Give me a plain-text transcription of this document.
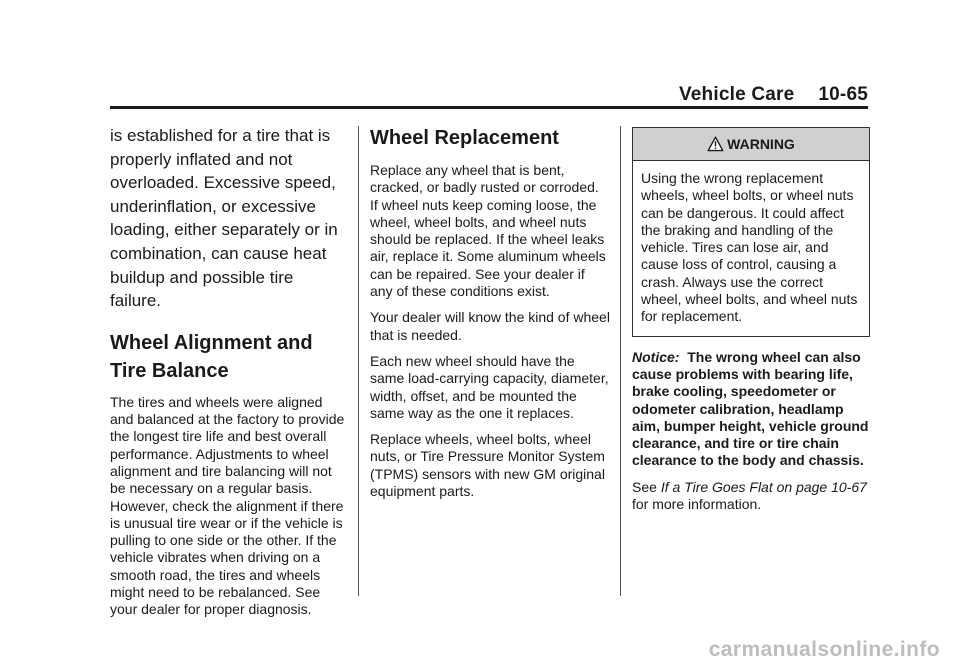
Vehicle Care 10-65

is established for a tire that is properly inflated and not overloaded. Excessive speed, underinflation, or excessive loading, either separately or in combination, can cause heat buildup and possible tire failure.

Wheel Alignment and Tire Balance

The tires and wheels were aligned and balanced at the factory to provide the longest tire life and best overall performance. Adjustments to wheel alignment and tire balancing will not be necessary on a regular basis. However, check the alignment if there is unusual tire wear or if the vehicle is pulling to one side or the other. If the vehicle vibrates when driving on a smooth road, the tires and wheels might need to be rebalanced. See your dealer for proper diagnosis.

Wheel Replacement

Replace any wheel that is bent, cracked, or badly rusted or corroded. If wheel nuts keep coming loose, the wheel, wheel bolts, and wheel nuts should be replaced. If the wheel leaks air, replace it. Some aluminum wheels can be repaired. See your dealer if any of these conditions exist.

Your dealer will know the kind of wheel that is needed.

Each new wheel should have the same load-carrying capacity, diameter, width, offset, and be mounted the same way as the one it replaces.

Replace wheels, wheel bolts, wheel nuts, or Tire Pressure Monitor System (TPMS) sensors with new GM original equipment parts.

WARNING
Using the wrong replacement wheels, wheel bolts, or wheel nuts can be dangerous. It could affect the braking and handling of the vehicle. Tires can lose air, and cause loss of control, causing a crash. Always use the correct wheel, wheel bolts, and wheel nuts for replacement.

Notice: The wrong wheel can also cause problems with bearing life, brake cooling, speedometer or odometer calibration, headlamp aim, bumper height, vehicle ground clearance, and tire or tire chain clearance to the body and chassis.

See If a Tire Goes Flat on page 10-67 for more information.

carmanualsonline.info
